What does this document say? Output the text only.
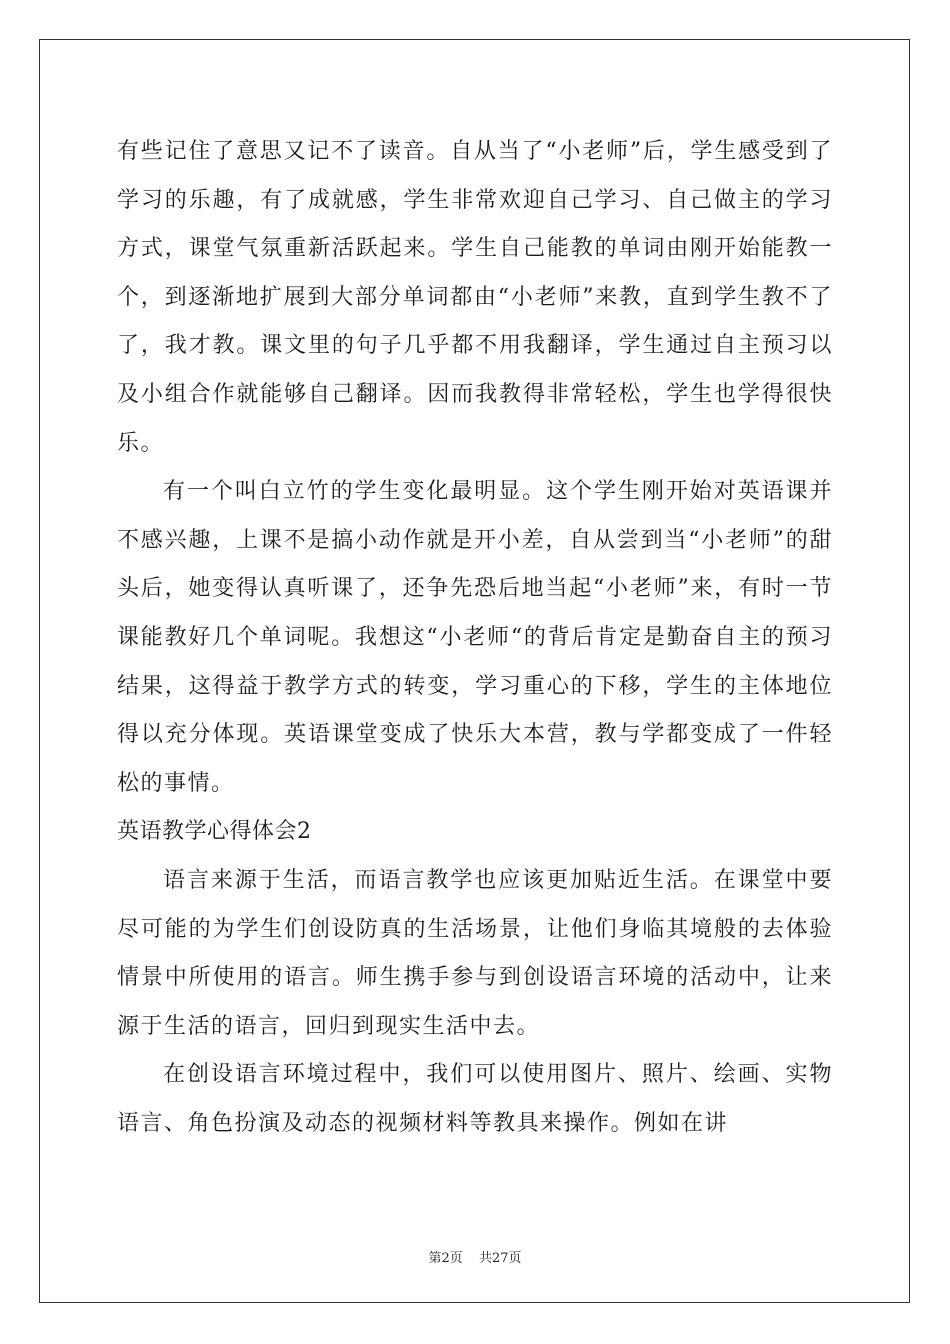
有些记住了意思又记不了读音。自从当了“小老师”后，学生感受到了学习的乐趣，有了成就感，学生非常欢迎自己学习、自己做主的学习方式，课堂气氛重新活跃起来。学生自己能教的单词由刚开始能教一个，到逐渐地扩展到大部分单词都由“小老师”来教，直到学生教不了了，我才教。课文里的句子几乎都不用我翻译，学生通过自主预习以及小组合作就能够自己翻译。因而我教得非常轻松，学生也学得很快乐。

有一个叫白立竹的学生变化最明显。这个学生刚开始对英语课并不感兴趣，上课不是搞小动作就是开小差，自从尝到当“小老师”的甜头后，她变得认真听课了，还争先恐后地当起“小老师”来，有时一节课能教好几个单词呢。我想这“小老师“的背后肯定是勤奋自主的预习结果，这得益于教学方式的转变，学习重心的下移，学生的主体地位得以充分体现。英语课堂变成了快乐大本营，教与学都变成了一件轻松的事情。

英语教学心得体会2

语言来源于生活，而语言教学也应该更加贴近生活。在课堂中要尽可能的为学生们创设防真的生活场景，让他们身临其境般的去体验情景中所使用的语言。师生携手参与到创设语言环境的活动中，让来源于生活的语言，回归到现实生活中去。

在创设语言环境过程中，我们可以使用图片、照片、绘画、实物语言、角色扮演及动态的视频材料等教具来操作。例如在讲

第2页 共27页
